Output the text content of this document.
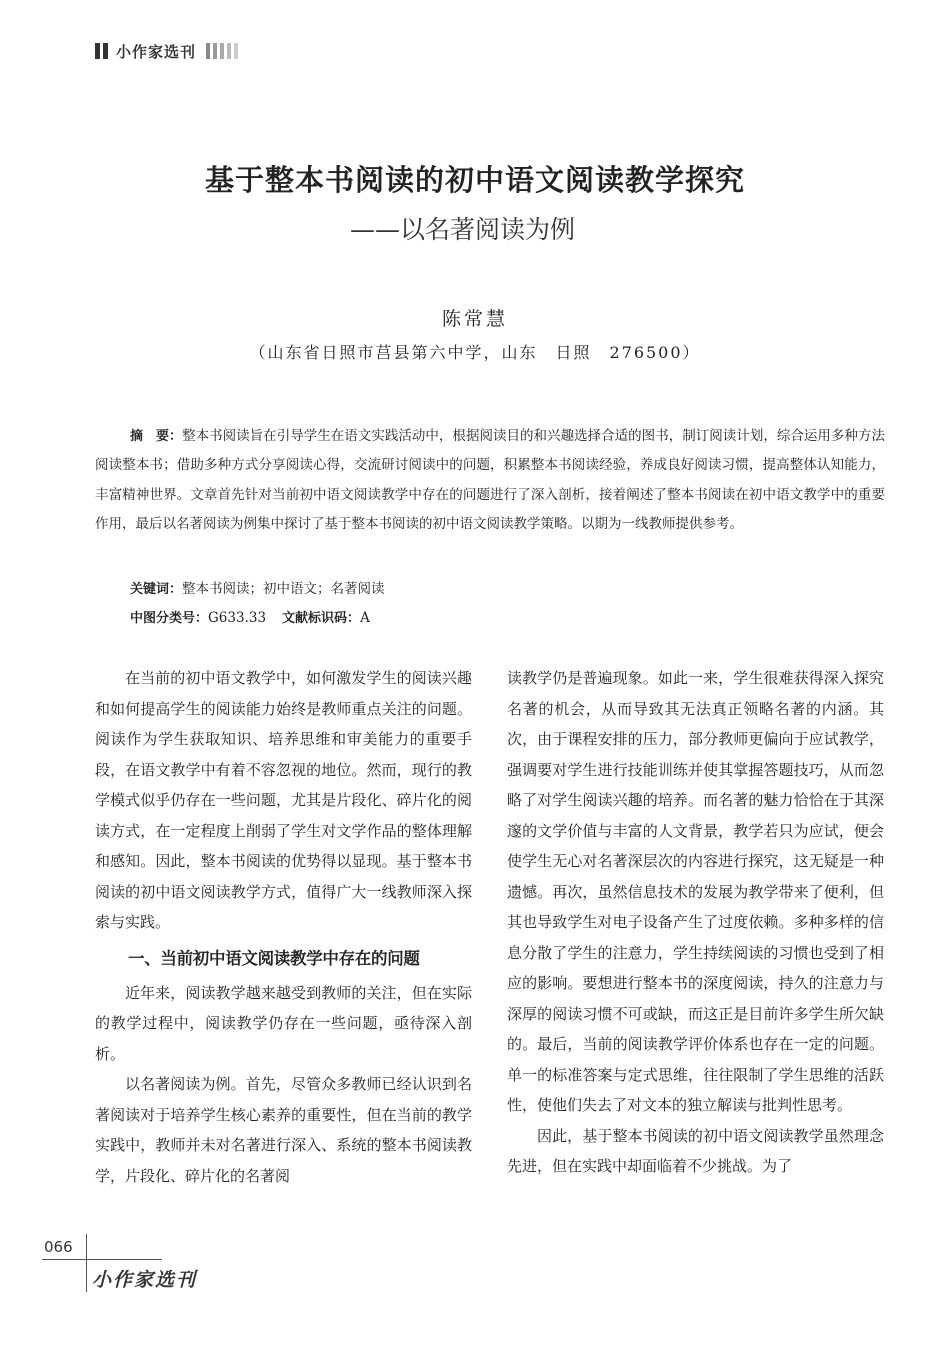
小作家选刊
基于整本书阅读的初中语文阅读教学探究
——以名著阅读为例
陈常慧
（山东省日照市莒县第六中学，山东　日照　276500）

摘　要：整本书阅读旨在引导学生在语文实践活动中，根据阅读目的和兴趣选择合适的图书，制订阅读计划，综合运用多种方法阅读整本书；借助多种方式分享阅读心得，交流研讨阅读中的问题，积累整本书阅读经验，养成良好阅读习惯，提高整体认知能力，丰富精神世界。文章首先针对当前初中语文阅读教学中存在的问题进行了深入剖析，接着阐述了整本书阅读在初中语文教学中的重要作用，最后以名著阅读为例集中探讨了基于整本书阅读的初中语文阅读教学策略。以期为一线教师提供参考。

关键词：整本书阅读；初中语文；名著阅读
中图分类号：G633.33 文献标识码：A

在当前的初中语文教学中，如何激发学生的阅读兴趣和如何提高学生的阅读能力始终是教师重点关注的问题。阅读作为学生获取知识、培养思维和审美能力的重要手段，在语文教学中有着不容忽视的地位。然而，现行的教学模式似乎仍存在一些问题，尤其是片段化、碎片化的阅读方式，在一定程度上削弱了学生对文学作品的整体理解和感知。因此，整本书阅读的优势得以显现。基于整本书阅读的初中语文阅读教学方式，值得广大一线教师深入探索与实践。

一、当前初中语文阅读教学中存在的问题

近年来，阅读教学越来越受到教师的关注，但在实际的教学过程中，阅读教学仍存在一些问题，亟待深入剖析。

以名著阅读为例。首先，尽管众多教师已经认识到名著阅读对于培养学生核心素养的重要性，但在当前的教学实践中，教师并未对名著进行深入、系统的整本书阅读教学，片段化、碎片化的名著阅

读教学仍是普遍现象。如此一来，学生很难获得深入探究名著的机会，从而导致其无法真正领略名著的内涵。其次，由于课程安排的压力，部分教师更偏向于应试教学，强调要对学生进行技能训练并使其掌握答题技巧，从而忽略了对学生阅读兴趣的培养。而名著的魅力恰恰在于其深邃的文学价值与丰富的人文背景，教学若只为应试，便会使学生无心对名著深层次的内容进行探究，这无疑是一种遗憾。再次，虽然信息技术的发展为教学带来了便利，但其也导致学生对电子设备产生了过度依赖。多种多样的信息分散了学生的注意力，学生持续阅读的习惯也受到了相应的影响。要想进行整本书的深度阅读，持久的注意力与深厚的阅读习惯不可或缺，而这正是目前许多学生所欠缺的。最后，当前的阅读教学评价体系也存在一定的问题。单一的标准答案与定式思维，往往限制了学生思维的活跃性，使他们失去了对文本的独立解读与批判性思考。

因此，基于整本书阅读的初中语文阅读教学虽然理念先进，但在实践中却面临着不少挑战。为了

066
小作家选刊
